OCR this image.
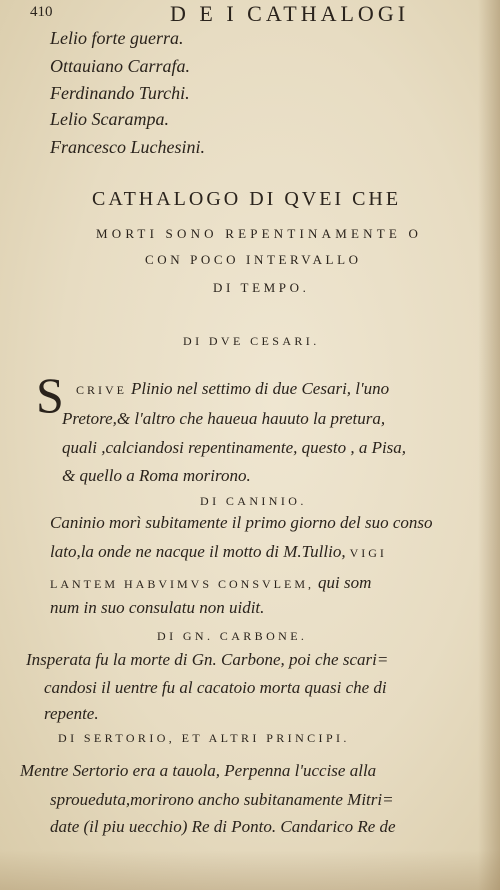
410	D E I CATHALOGI
Lelio forte guerra.
Ottauiano Carrafa.
Ferdinando Turchi.
Lelio Scarampa.
Francesco Luchesini.
CATHALOGO DI QVEI CHE
MORTI SONO REPENTINAMENTE O
CON POCO INTERVALLO
DI TEMPO.
DI DVE CESARI.
S CRIVE Plinio nel settimo di due Cesari, l'uno
Pretore,& l'altro che haueua hauuto la pretura,
quali ,calciandosi repentinamente, questo , a Pisa,
& quello a Roma morirono.
DI CANINIO.
Caninio morì subitamente il primo giorno del suo conso
lato,la onde ne nacque il motto di M.Tullio, VIGI
LANTEM HABVIMVS CONSVLEM, qui som
num in suo consulatu non uidit.
DI GN. CARBONE.
Insperata fu la morte di Gn. Carbone, poi che scari=
candosi il uentre fu al cacatoio morta quasi che di
repente.
DI SERTORIO, ET ALTRI PRINCIPI.
Mentre Sertorio era a tauola, Perpenna l'uccise alla
sproueduta,morirono ancho subitanamente Mitri=
date (il piu uecchio) Re di Ponto. Candarico Re de
